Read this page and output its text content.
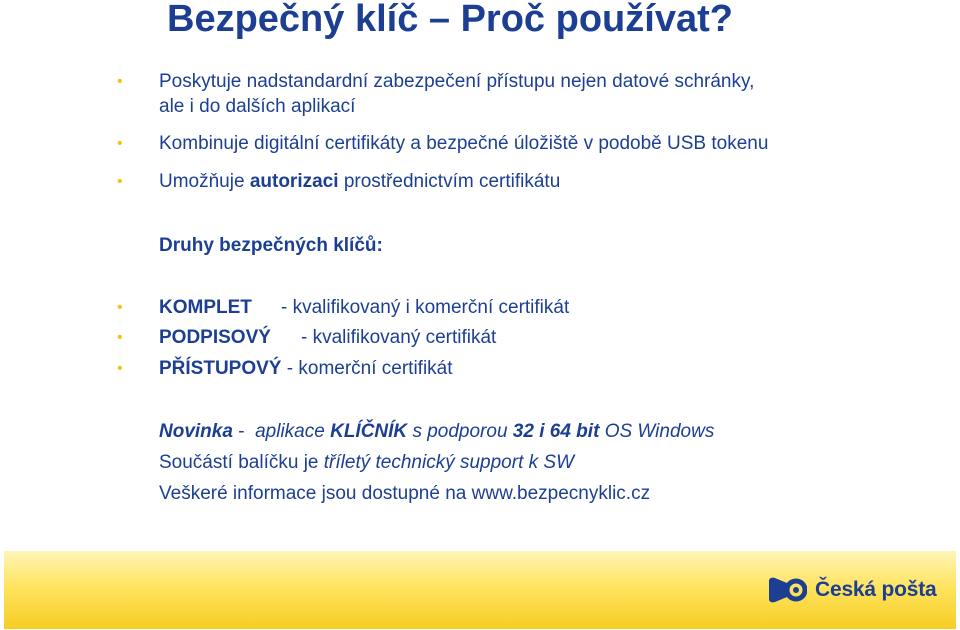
Bezpečný klíč – Proč používat?

• Poskytuje nadstandardní zabezpečení přístupu nejen datové schránky,

ale i do dalších aplikací

• Kombinuje digitální certifikáty a bezpečné úložiště v podobě USB tokenu

• Umožňuje autorizaci prostřednictvím certifikátu

Druhy bezpečných klíčů:

• KOMPLET - kvalifikovaný i komerční certifikát

• PODPISOVÝ - kvalifikovaný certifikát

• PŘÍSTUPOVÝ - komerční certifikát

Novinka - aplikace KLÍČNÍK s podporou 32 i 64 bit OS Windows

Součástí balíčku je tříletý technický support k SW

Veškeré informace jsou dostupné na www.bezpecnyklic.cz

Česká pošta
